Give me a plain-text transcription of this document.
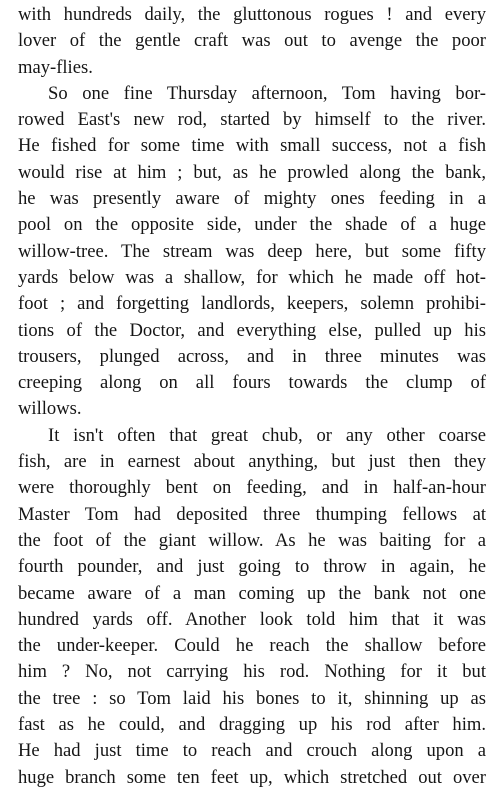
with hundreds daily, the gluttonous rogues ! and every
lover of the gentle craft was out to avenge the poor
may-flies.
So one fine Thursday afternoon, Tom having bor-
rowed East's new rod, started by himself to the river.
He fished for some time with small success, not a fish
would rise at him ; but, as he prowled along the bank,
he was presently aware of mighty ones feeding in a
pool on the opposite side, under the shade of a huge
willow-tree. The stream was deep here, but some fifty
yards below was a shallow, for which he made off hot-
foot ; and forgetting landlords, keepers, solemn prohibi-
tions of the Doctor, and everything else, pulled up his
trousers, plunged across, and in three minutes was
creeping along on all fours towards the clump of
willows.
It isn't often that great chub, or any other coarse
fish, are in earnest about anything, but just then they
were thoroughly bent on feeding, and in half-an-hour
Master Tom had deposited three thumping fellows at
the foot of the giant willow. As he was baiting for a
fourth pounder, and just going to throw in again, he
became aware of a man coming up the bank not one
hundred yards off. Another look told him that it was
the under-keeper. Could he reach the shallow before
him ? No, not carrying his rod. Nothing for it but
the tree : so Tom laid his bones to it, shinning up as
fast as he could, and dragging up his rod after him.
He had just time to reach and crouch along upon a
huge branch some ten feet up, which stretched out over
